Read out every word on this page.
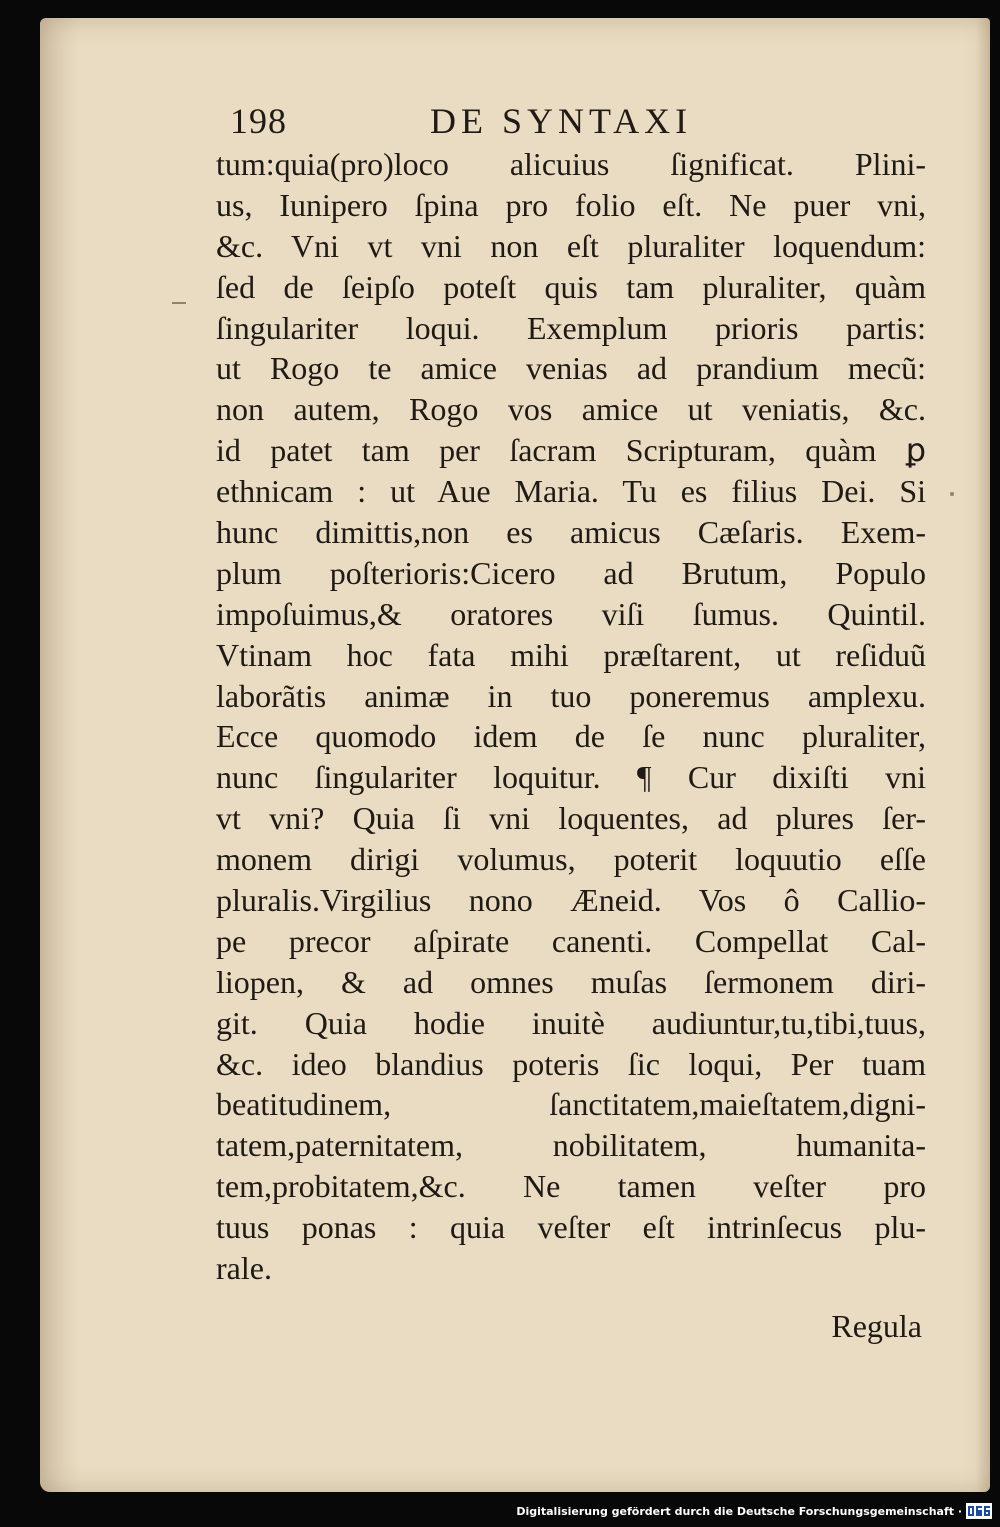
198	DE SYNTAXI
tum:quia(pro)loco alicuius ſignificat. Plini-
us, Iunipero ſpina pro folio eſt. Ne puer vni,
&c. Vni vt vni non eſt pluraliter loquendum:
ſed de ſeipſo poteſt quis tam pluraliter, quàm
ſingulariter loqui. Exemplum prioris partis:
ut Rogo te amice venias ad prandium mecũ:
non autem, Rogo vos amice ut veniatis, &c.
id patet tam per ſacram Scripturam, quàm ꝑ
ethnicam : ut Aue Maria. Tu es filius Dei. Si
hunc dimittis,non es amicus Cæſaris. Exem-
plum poſterioris:Cicero ad Brutum, Populo
impoſuimus,& oratores viſi ſumus. Quintil.
Vtinam hoc fata mihi præſtarent, ut reſiduũ
laborãtis animæ in tuo poneremus amplexu.
Ecce quomodo idem de ſe nunc pluraliter,
nunc ſingulariter loquitur. ¶ Cur dixiſti vni
vt vni? Quia ſi vni loquentes, ad plures ſer-
monem dirigi volumus, poterit loquutio eſſe
pluralis.Virgilius nono Æneid. Vos ô Callio-
pe precor aſpirate canenti. Compellat Cal-
liopen, & ad omnes muſas ſermonem diri-
git. Quia hodie inuitè audiuntur,tu,tibi,tuus,
&c. ideo blandius poteris ſic loqui, Per tuam
beatitudinem, ſanctitatem,maieſtatem,digni-
tatem,paternitatem, nobilitatem, humanita-
tem,probitatem,&c. Ne tamen veſter pro
tuus ponas : quia veſter eſt intrinſecus plu-
rale.
Regula
Digitalisierung gefördert durch die Deutsche Forschungsgemeinschaft ·
